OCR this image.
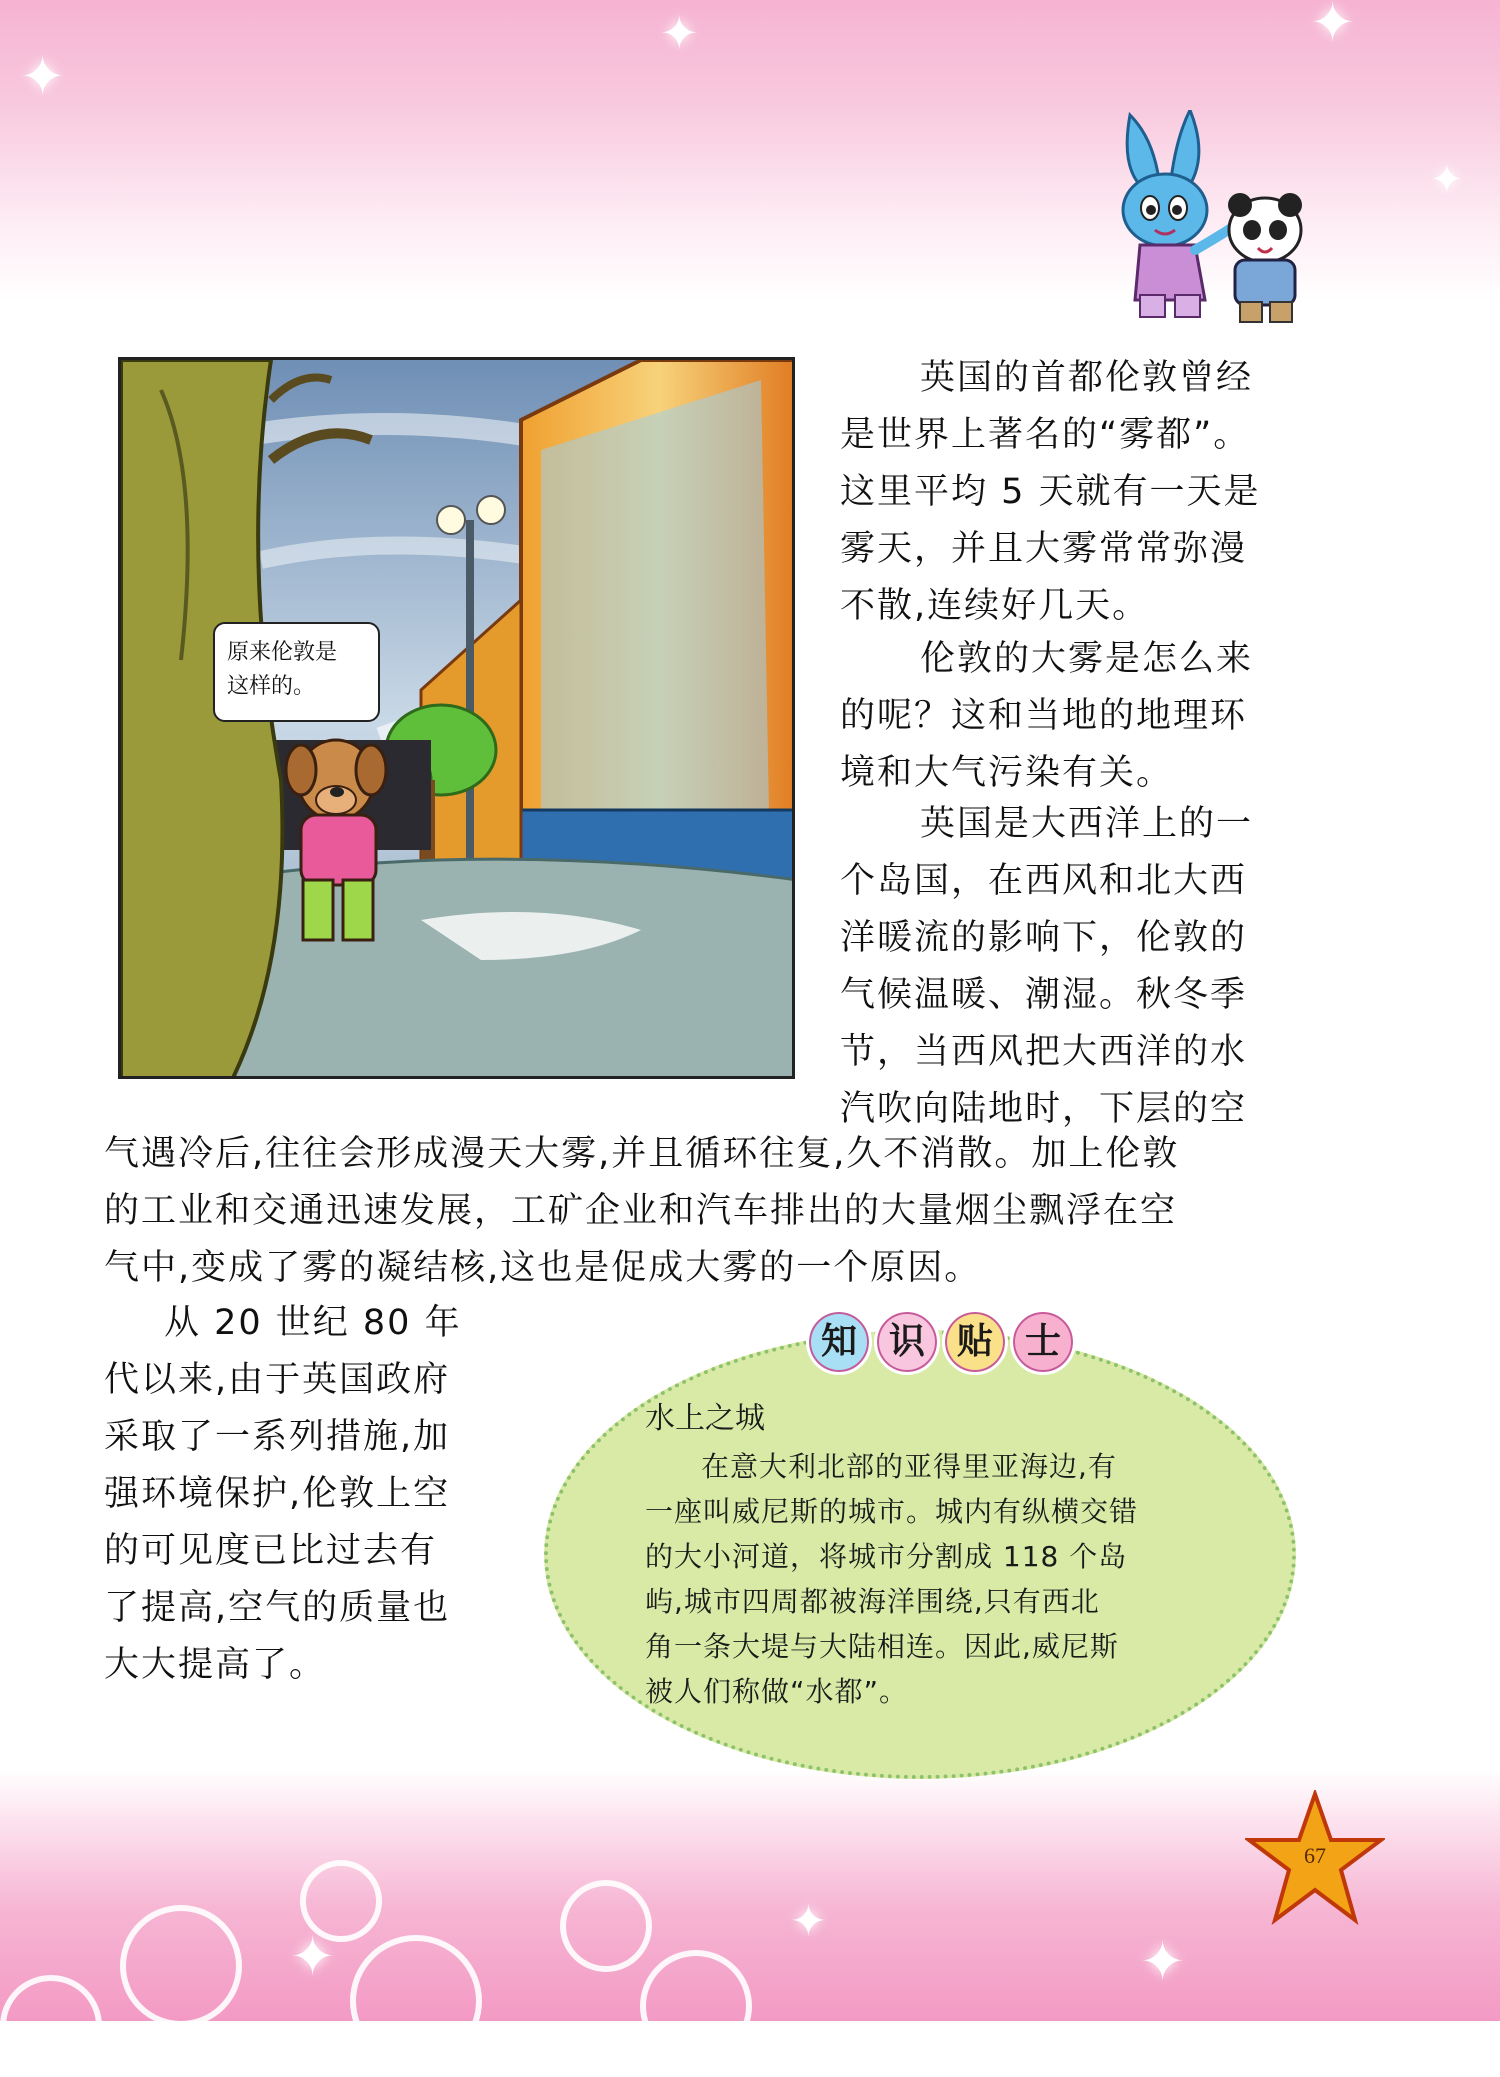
✦
✦	✦
✦
✦
✦
✦
原来伦敦是
这样的。

英国的首都伦敦曾经
是世界上著名的“雾都”。
这里平均 5 天就有一天是
雾天，并且大雾常常弥漫
不散,连续好几天。

伦敦的大雾是怎么来
的呢？这和当地的地理环
境和大气污染有关。

英国是大西洋上的一
个岛国，在西风和北大西
洋暖流的影响下，伦敦的
气候温暖、潮湿。秋冬季
节，当西风把大西洋的水
汽吹向陆地时，下层的空

气遇冷后,往往会形成漫天大雾,并且循环往复,久不消散。加上伦敦
的工业和交通迅速发展，工矿企业和汽车排出的大量烟尘飘浮在空
气中,变成了雾的凝结核,这也是促成大雾的一个原因。

从 20 世纪 80 年
代以来,由于英国政府
采取了一系列措施,加
强环境保护,伦敦上空
的可见度已比过去有
了提高,空气的质量也
大大提高了。

知 识 贴 士

水上之城

在意大利北部的亚得里亚海边,有
一座叫威尼斯的城市。城内有纵横交错
的大小河道，将城市分割成 118 个岛
屿,城市四周都被海洋围绕,只有西北
角一条大堤与大陆相连。因此,威尼斯
被人们称做“水都”。

67
